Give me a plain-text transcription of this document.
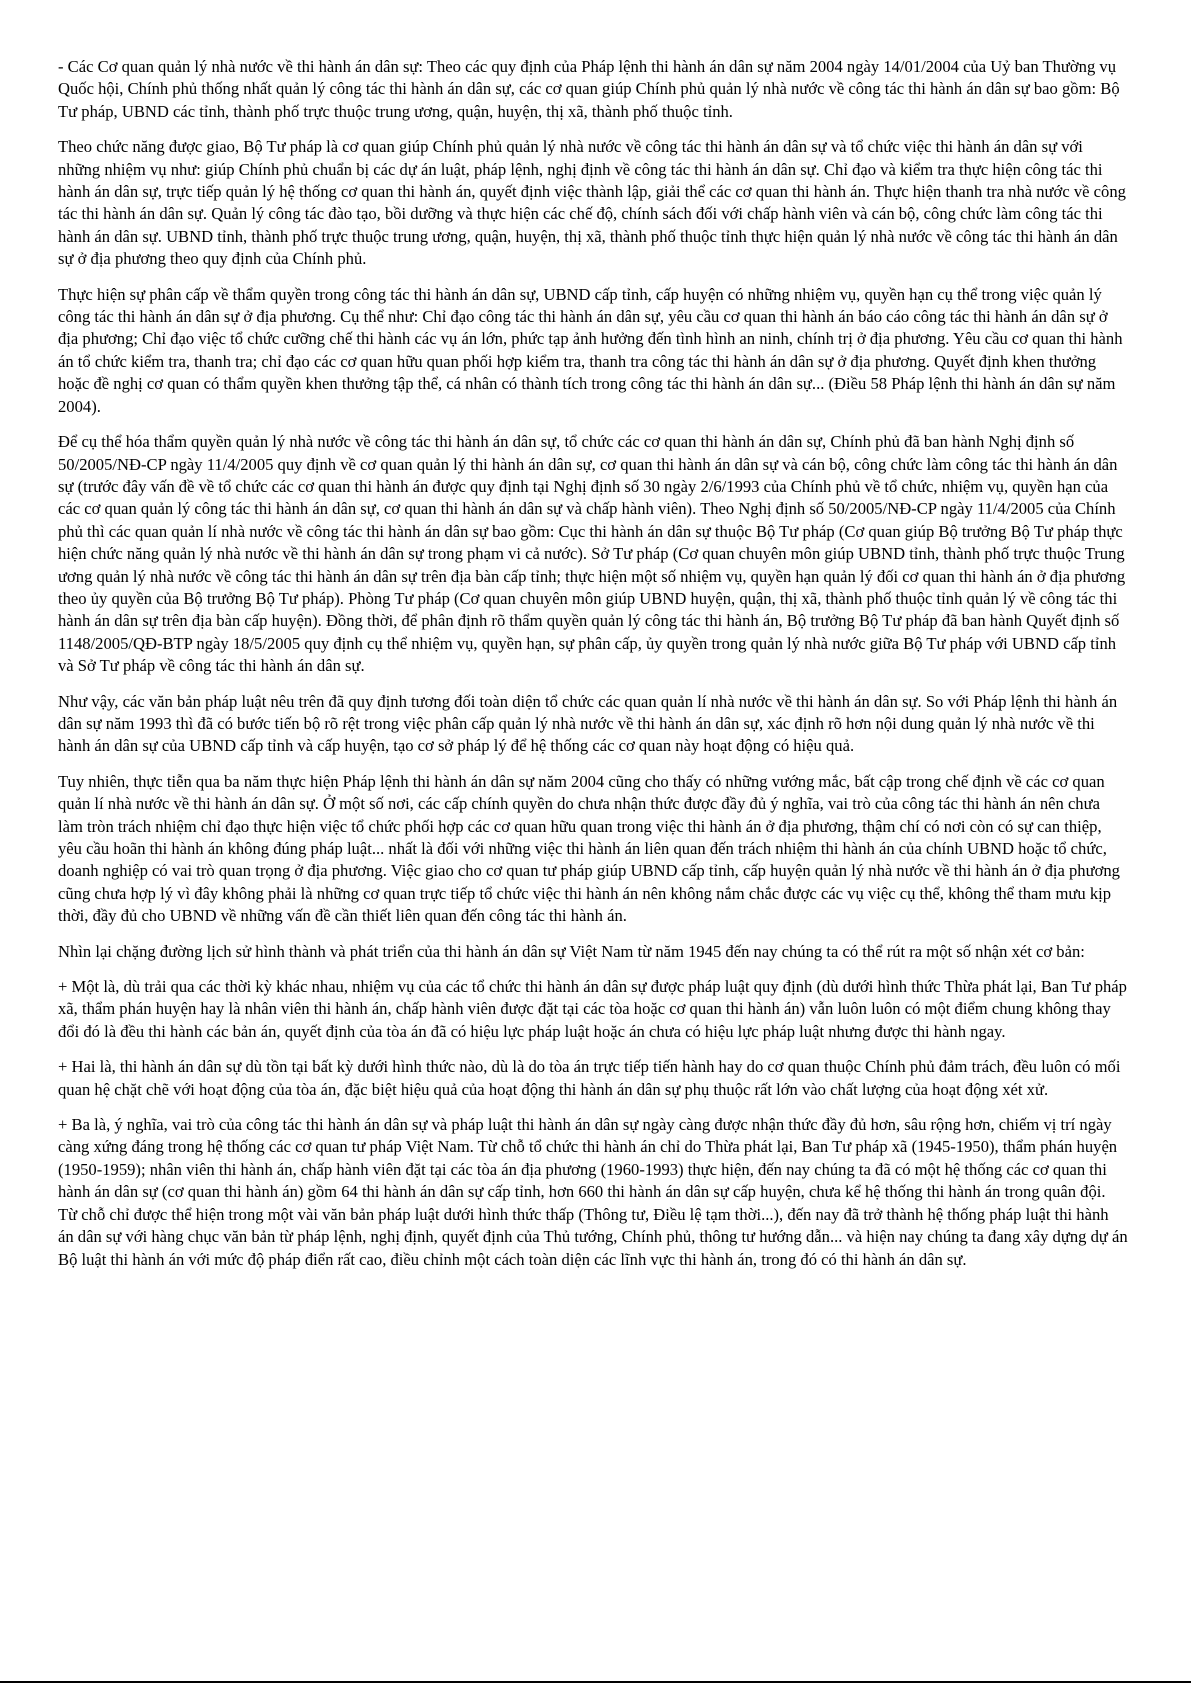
- Các Cơ quan quản lý nhà nước về thi hành án dân sự: Theo các quy định của Pháp lệnh thi hành án dân sự năm 2004 ngày 14/01/2004 của Uỷ ban Thường vụ Quốc hội, Chính phủ thống nhất quản lý công tác thi hành án dân sự, các cơ quan giúp Chính phủ quản lý nhà nước về công tác thi hành án dân sự bao gồm: Bộ Tư pháp, UBND các tỉnh, thành phố trực thuộc trung ương, quận, huyện, thị xã, thành phố thuộc tỉnh.

Theo chức năng được giao, Bộ Tư pháp là cơ quan giúp Chính phủ quản lý nhà nước về công tác thi hành án dân sự và tổ chức việc thi hành án dân sự với những nhiệm vụ như: giúp Chính phủ chuẩn bị các dự án luật, pháp lệnh, nghị định về công tác thi hành án dân sự. Chỉ đạo và kiểm tra thực hiện công tác thi hành án dân sự, trực tiếp quản lý hệ thống cơ quan thi hành án, quyết định việc thành lập, giải thể các cơ quan thi hành án. Thực hiện thanh tra nhà nước về công tác thi hành án dân sự. Quản lý công tác đào tạo, bồi dưỡng và thực hiện các chế độ, chính sách đối với chấp hành viên và cán bộ, công chức làm công tác thi hành án dân sự. UBND tỉnh, thành phố trực thuộc trung ương, quận, huyện, thị xã, thành phố thuộc tỉnh thực hiện quản lý nhà nước về công tác thi hành án dân sự ở địa phương theo quy định của Chính phủ.

Thực hiện sự phân cấp về thẩm quyền trong công tác thi hành án dân sự, UBND cấp tỉnh, cấp huyện có những nhiệm vụ, quyền hạn cụ thể trong việc quản lý công tác thi hành án dân sự ở địa phương. Cụ thể như: Chỉ đạo công tác thi hành án dân sự, yêu cầu cơ quan thi hành án báo cáo công tác thi hành án dân sự ở địa phương; Chỉ đạo việc tổ chức cưỡng chế thi hành các vụ án lớn, phức tạp ảnh hưởng đến tình hình an ninh, chính trị ở địa phương. Yêu cầu cơ quan thi hành án tổ chức kiểm tra, thanh tra; chỉ đạo các cơ quan hữu quan phối hợp kiểm tra, thanh tra công tác thi hành án dân sự ở địa phương. Quyết định khen thưởng hoặc đề nghị cơ quan có thẩm quyền khen thưởng tập thể, cá nhân có thành tích trong công tác thi hành án dân sự... (Điều 58 Pháp lệnh thi hành án dân sự năm 2004).

Để cụ thể hóa thẩm quyền quản lý nhà nước về công tác thi hành án dân sự, tổ chức các cơ quan thi hành án dân sự, Chính phủ đã ban hành Nghị định số 50/2005/NĐ-CP ngày 11/4/2005 quy định về cơ quan quản lý thi hành án dân sự, cơ quan thi hành án dân sự và cán bộ, công chức làm công tác thi hành án dân sự (trước đây vấn đề về tổ chức các cơ quan thi hành án được quy định tại Nghị định số 30 ngày 2/6/1993 của Chính phủ về tổ chức, nhiệm vụ, quyền hạn của các cơ quan quản lý công tác thi hành án dân sự, cơ quan thi hành án dân sự và chấp hành viên). Theo Nghị định số 50/2005/NĐ-CP ngày 11/4/2005 của Chính phủ thì các quan quản lí nhà nước về công tác thi hành án dân sự bao gồm: Cục thi hành án dân sự thuộc Bộ Tư pháp (Cơ quan giúp Bộ trưởng Bộ Tư pháp thực hiện chức năng quản lý nhà nước về thi hành án dân sự trong phạm vi cả nước). Sở Tư pháp (Cơ quan chuyên môn giúp UBND tỉnh, thành phố trực thuộc Trung ương quản lý nhà nước về công tác thi hành án dân sự trên địa bàn cấp tỉnh; thực hiện một số nhiệm vụ, quyền hạn quản lý đối cơ quan thi hành án ở địa phương theo ủy quyền của Bộ trưởng Bộ Tư pháp). Phòng Tư pháp (Cơ quan chuyên môn giúp UBND huyện, quận, thị xã, thành phố thuộc tỉnh quản lý về công tác thi hành án dân sự trên địa bàn cấp huyện). Đồng thời, để phân định rõ thẩm quyền quản lý công tác thi hành án, Bộ trưởng Bộ Tư pháp đã ban hành Quyết định số 1148/2005/QĐ-BTP ngày 18/5/2005 quy định cụ thể nhiệm vụ, quyền hạn, sự phân cấp, ủy quyền trong quản lý nhà nước giữa Bộ Tư pháp với UBND cấp tỉnh và Sở Tư pháp về công tác thi hành án dân sự.

Như vậy, các văn bản pháp luật nêu trên đã quy định tương đối toàn diện tổ chức các quan quản lí nhà nước về thi hành án dân sự. So với Pháp lệnh thi hành án dân sự năm 1993 thì đã có bước tiến bộ rõ rệt trong việc phân cấp quản lý nhà nước về thi hành án dân sự, xác định rõ hơn nội dung quản lý nhà nước về thi hành án dân sự của UBND cấp tỉnh và cấp huyện, tạo cơ sở pháp lý để hệ thống các cơ quan này hoạt động có hiệu quả.

Tuy nhiên, thực tiễn qua ba năm thực hiện Pháp lệnh thi hành án dân sự năm 2004 cũng cho thấy có những vướng mắc, bất cập trong chế định về các cơ quan quản lí nhà nước về thi hành án dân sự. Ở một số nơi, các cấp chính quyền do chưa nhận thức được đầy đủ ý nghĩa, vai trò của công tác thi hành án nên chưa làm tròn trách nhiệm chỉ đạo thực hiện việc tổ chức phối hợp các cơ quan hữu quan trong việc thi hành án ở địa phương, thậm chí có nơi còn có sự can thiệp, yêu cầu hoãn thi hành án không đúng pháp luật... nhất là đối với những việc thi hành án liên quan đến trách nhiệm thi hành án của chính UBND hoặc tổ chức, doanh nghiệp có vai trò quan trọng ở địa phương. Việc giao cho cơ quan tư pháp giúp UBND cấp tỉnh, cấp huyện quản lý nhà nước về thi hành án ở địa phương cũng chưa hợp lý vì đây không phải là những cơ quan trực tiếp tổ chức việc thi hành án nên không nắm chắc được các vụ việc cụ thể, không thể tham mưu kịp thời, đầy đủ cho UBND về những vấn đề cần thiết liên quan đến công tác thi hành án.

Nhìn lại chặng đường lịch sử hình thành và phát triển của thi hành án dân sự Việt Nam từ năm 1945 đến nay chúng ta có thể rút ra một số nhận xét cơ bản:

+ Một là, dù trải qua các thời kỳ khác nhau, nhiệm vụ của các tổ chức thi hành án dân sự được pháp luật quy định (dù dưới hình thức Thừa phát lại, Ban Tư pháp xã, thẩm phán huyện hay là nhân viên thi hành án, chấp hành viên được đặt tại các tòa hoặc cơ quan thi hành án) vẫn luôn luôn có một điểm chung không thay đổi đó là đều thi hành các bản án, quyết định của tòa án đã có hiệu lực pháp luật hoặc án chưa có hiệu lực pháp luật nhưng được thi hành ngay.

+ Hai là, thi hành án dân sự dù tồn tại bất kỳ dưới hình thức nào, dù là do tòa án trực tiếp tiến hành hay do cơ quan thuộc Chính phủ đảm trách, đều luôn có mối quan hệ chặt chẽ với hoạt động của tòa án, đặc biệt hiệu quả của hoạt động thi hành án dân sự phụ thuộc rất lớn vào chất lượng của hoạt động xét xử.

+ Ba là, ý nghĩa, vai trò của công tác thi hành án dân sự và pháp luật thi hành án dân sự ngày càng được nhận thức đầy đủ hơn, sâu rộng hơn, chiếm vị trí ngày càng xứng đáng trong hệ thống các cơ quan tư pháp Việt Nam. Từ chỗ tổ chức thi hành án chỉ do Thừa phát lại, Ban Tư pháp xã (1945-1950), thẩm phán huyện (1950-1959); nhân viên thi hành án, chấp hành viên đặt tại các tòa án địa phương (1960-1993) thực hiện, đến nay chúng ta đã có một hệ thống các cơ quan thi hành án dân sự (cơ quan thi hành án) gồm 64 thi hành án dân sự cấp tỉnh, hơn 660 thi hành án dân sự cấp huyện, chưa kể hệ thống thi hành án trong quân đội. Từ chỗ chỉ được thể hiện trong một vài văn bản pháp luật dưới hình thức thấp (Thông tư, Điều lệ tạm thời...), đến nay đã trở thành hệ thống pháp luật thi hành án dân sự với hàng chục văn bản từ pháp lệnh, nghị định, quyết định của Thủ tướng, Chính phủ, thông tư hướng dẫn... và hiện nay chúng ta đang xây dựng dự án Bộ luật thi hành án với mức độ pháp điển rất cao, điều chỉnh một cách toàn diện các lĩnh vực thi hành án, trong đó có thi hành án dân sự.
